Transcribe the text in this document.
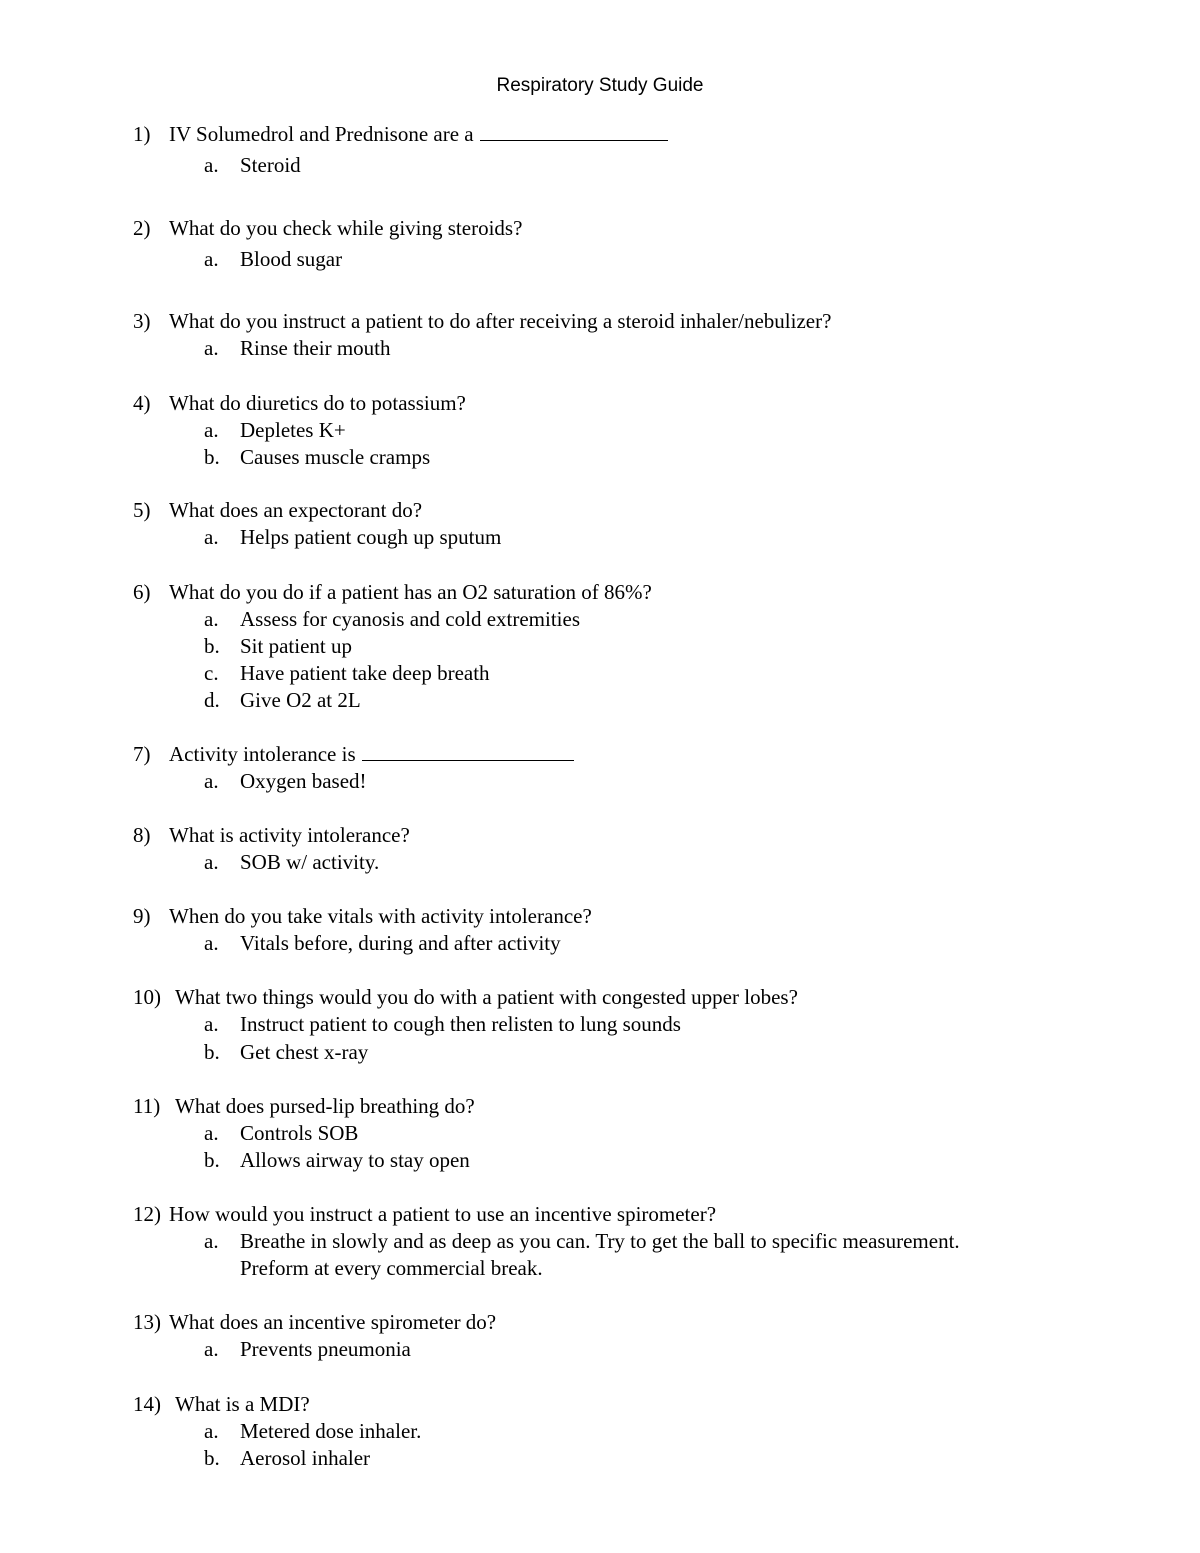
Respiratory Study Guide
1) IV Solumedrol and Prednisone are a
a. Steroid
2) What do you check while giving steroids?
a. Blood sugar
3) What do you instruct a patient to do after receiving a steroid inhaler/nebulizer?
a. Rinse their mouth
4) What do diuretics do to potassium?
a. Depletes K+
b. Causes muscle cramps
5) What does an expectorant do?
a. Helps patient cough up sputum
6) What do you do if a patient has an O2 saturation of 86%?
a. Assess for cyanosis and cold extremities
b. Sit patient up
c. Have patient take deep breath
d. Give O2 at 2L
7) Activity intolerance is
a. Oxygen based!
8) What is activity intolerance?
a. SOB w/ activity.
9) When do you take vitals with activity intolerance?
a. Vitals before, during and after activity
10) What two things would you do with a patient with congested upper lobes?
a. Instruct patient to cough then relisten to lung sounds
b. Get chest x-ray
11) What does pursed-lip breathing do?
a. Controls SOB
b. Allows airway to stay open
12) How would you instruct a patient to use an incentive spirometer?
a. Breathe in slowly and as deep as you can. Try to get the ball to specific measurement.
Preform at every commercial break.
13) What does an incentive spirometer do?
a. Prevents pneumonia
14) What is a MDI?
a. Metered dose inhaler.
b. Aerosol inhaler
